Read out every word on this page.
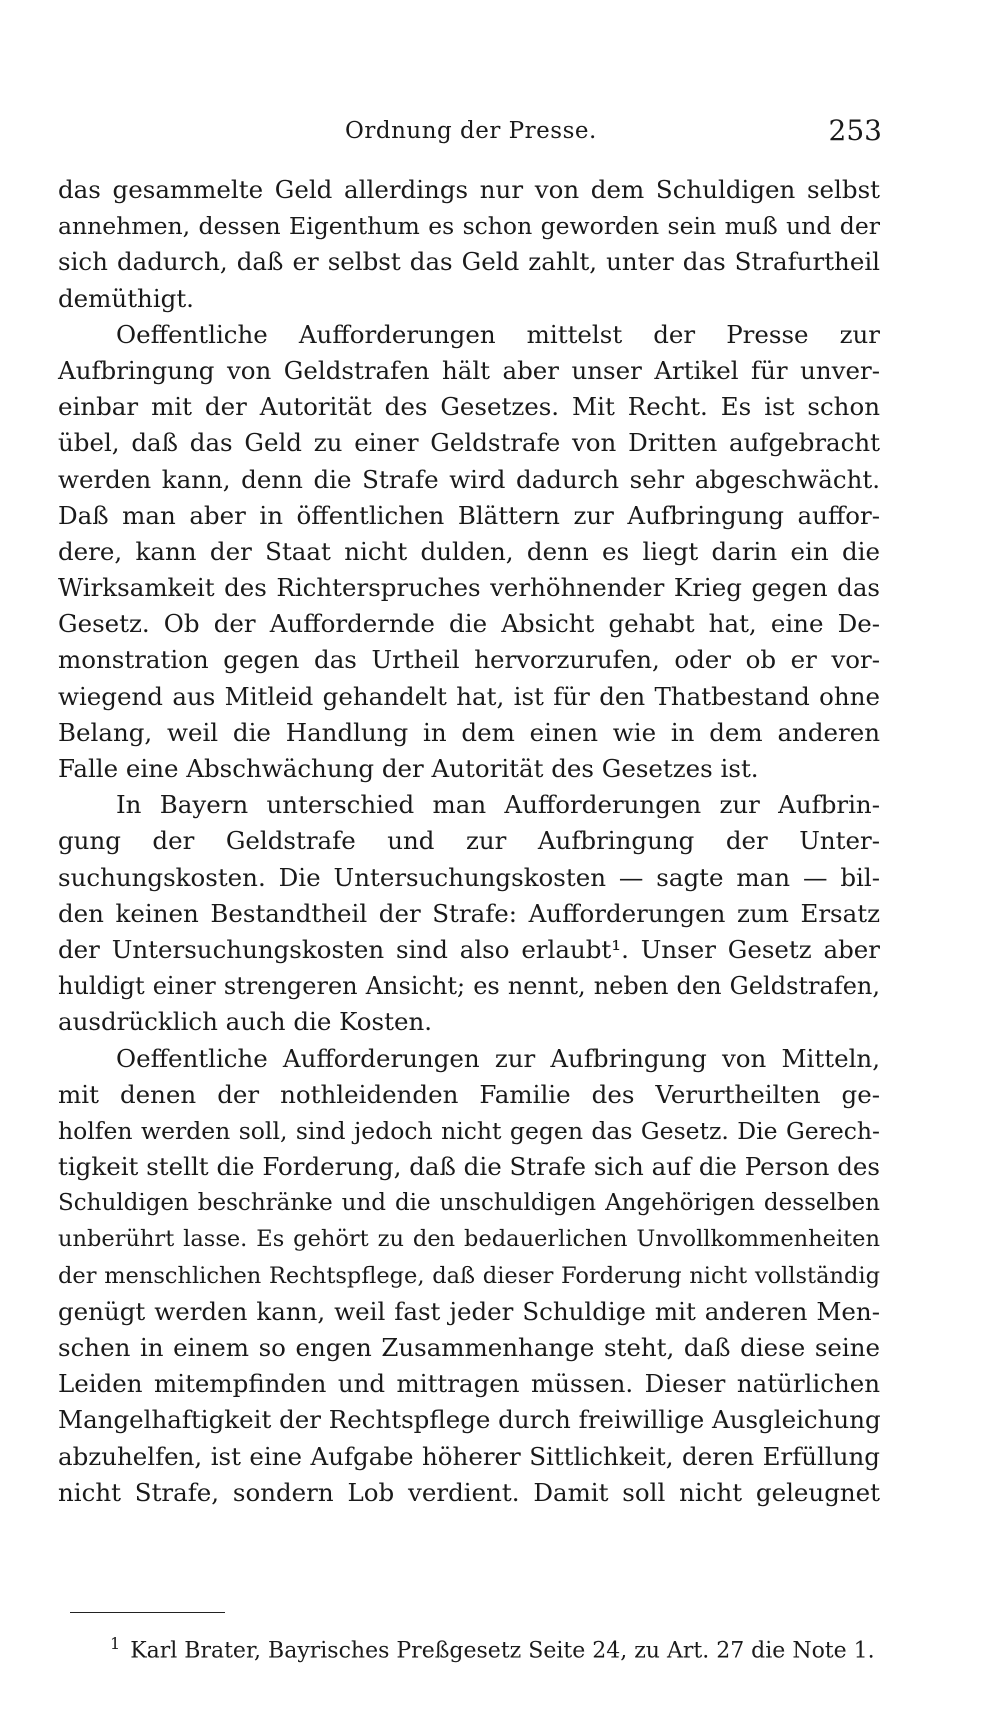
Ordnung der Presse.	253
das gesammelte Geld allerdings nur von dem Schuldigen selbst
annehmen, dessen Eigenthum es schon geworden sein muß und der
sich dadurch, daß er selbst das Geld zahlt, unter das Strafurtheil
demüthigt.
Oeffentliche Aufforderungen mittelst der Presse zur
Aufbringung von Geldstrafen hält aber unser Artikel für unver-
einbar mit der Autorität des Gesetzes. Mit Recht. Es ist schon
übel, daß das Geld zu einer Geldstrafe von Dritten aufgebracht
werden kann, denn die Strafe wird dadurch sehr abgeschwächt.
Daß man aber in öffentlichen Blättern zur Aufbringung auffor-
dere, kann der Staat nicht dulden, denn es liegt darin ein die
Wirksamkeit des Richterspruches verhöhnender Krieg gegen das
Gesetz. Ob der Auffordernde die Absicht gehabt hat, eine De-
monstration gegen das Urtheil hervorzurufen, oder ob er vor-
wiegend aus Mitleid gehandelt hat, ist für den Thatbestand ohne
Belang, weil die Handlung in dem einen wie in dem anderen
Falle eine Abschwächung der Autorität des Gesetzes ist.
In Bayern unterschied man Aufforderungen zur Aufbrin-
gung der Geldstrafe und zur Aufbringung der Unter-
suchungskosten. Die Untersuchungskosten — sagte man — bil-
den keinen Bestandtheil der Strafe: Aufforderungen zum Ersatz
der Untersuchungskosten sind also erlaubt¹. Unser Gesetz aber
huldigt einer strengeren Ansicht; es nennt, neben den Geldstrafen,
ausdrücklich auch die Kosten.
Oeffentliche Aufforderungen zur Aufbringung von Mitteln,
mit denen der nothleidenden Familie des Verurtheilten ge-
holfen werden soll, sind jedoch nicht gegen das Gesetz. Die Gerech-
tigkeit stellt die Forderung, daß die Strafe sich auf die Person des
Schuldigen beschränke und die unschuldigen Angehörigen desselben
unberührt lasse. Es gehört zu den bedauerlichen Unvollkommenheiten
der menschlichen Rechtspflege, daß dieser Forderung nicht vollständig
genügt werden kann, weil fast jeder Schuldige mit anderen Men-
schen in einem so engen Zusammenhange steht, daß diese seine
Leiden mitempfinden und mittragen müssen. Dieser natürlichen
Mangelhaftigkeit der Rechtspflege durch freiwillige Ausgleichung
abzuhelfen, ist eine Aufgabe höherer Sittlichkeit, deren Erfüllung
nicht Strafe, sondern Lob verdient. Damit soll nicht geleugnet
$^1$ Karl Brater, Bayrisches Preßgesetz Seite 24, zu Art. 27 die Note 1.
